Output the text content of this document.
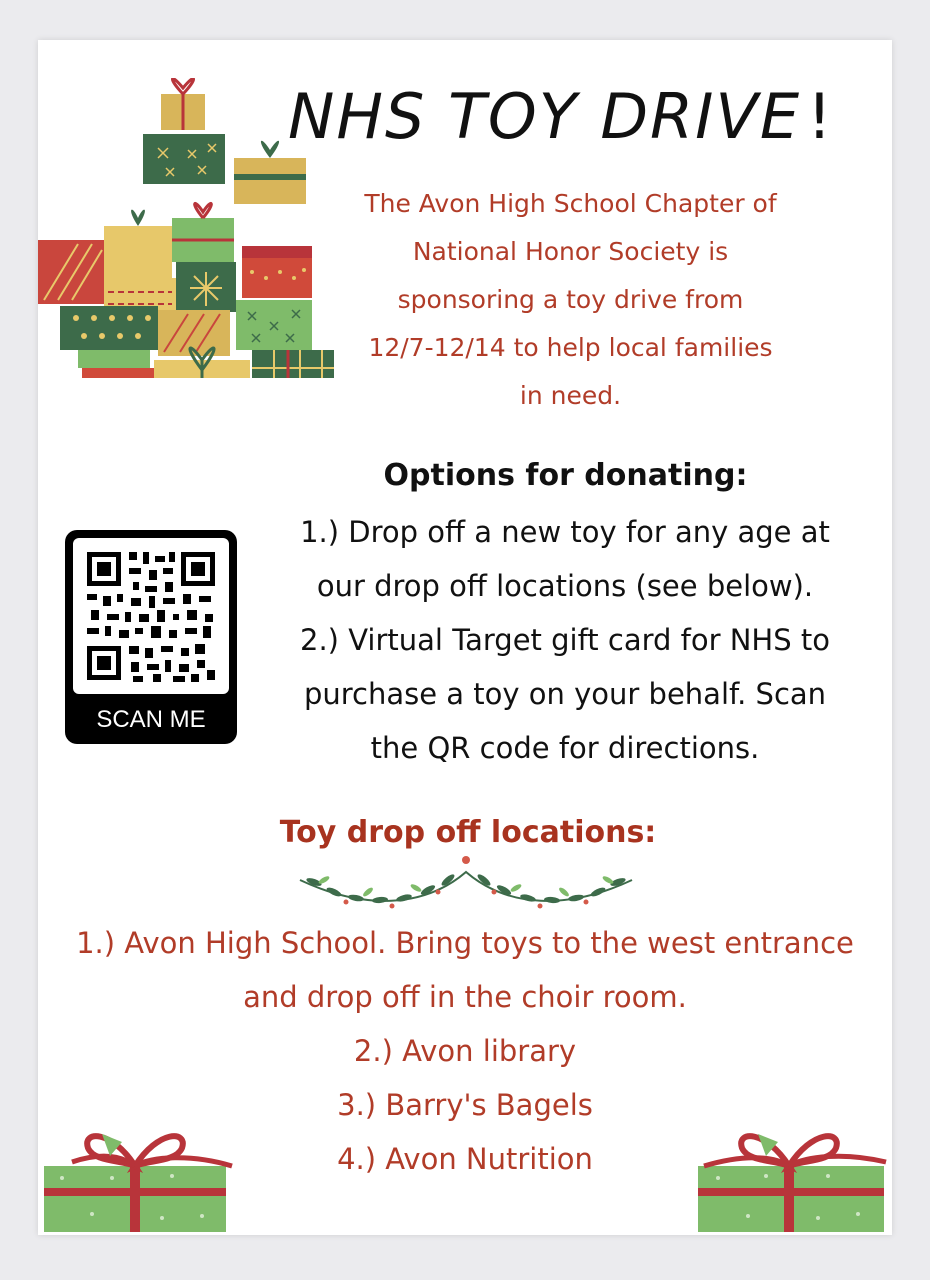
NHS TOY DRIVE!
The Avon High School Chapter of
National Honor Society is
sponsoring a toy drive from
12/7-12/14 to help local families
in need.
Options for donating:
1.) Drop off a new toy for any age at
our drop off locations (see below).
2.) Virtual Target gift card for NHS to
purchase a toy on your behalf. Scan
the QR code for directions.
SCAN ME
Toy drop off locations:
1.) Avon High School. Bring toys to the west entrance
and drop off in the choir room.
2.) Avon library
3.) Barry's Bagels
4.) Avon Nutrition
